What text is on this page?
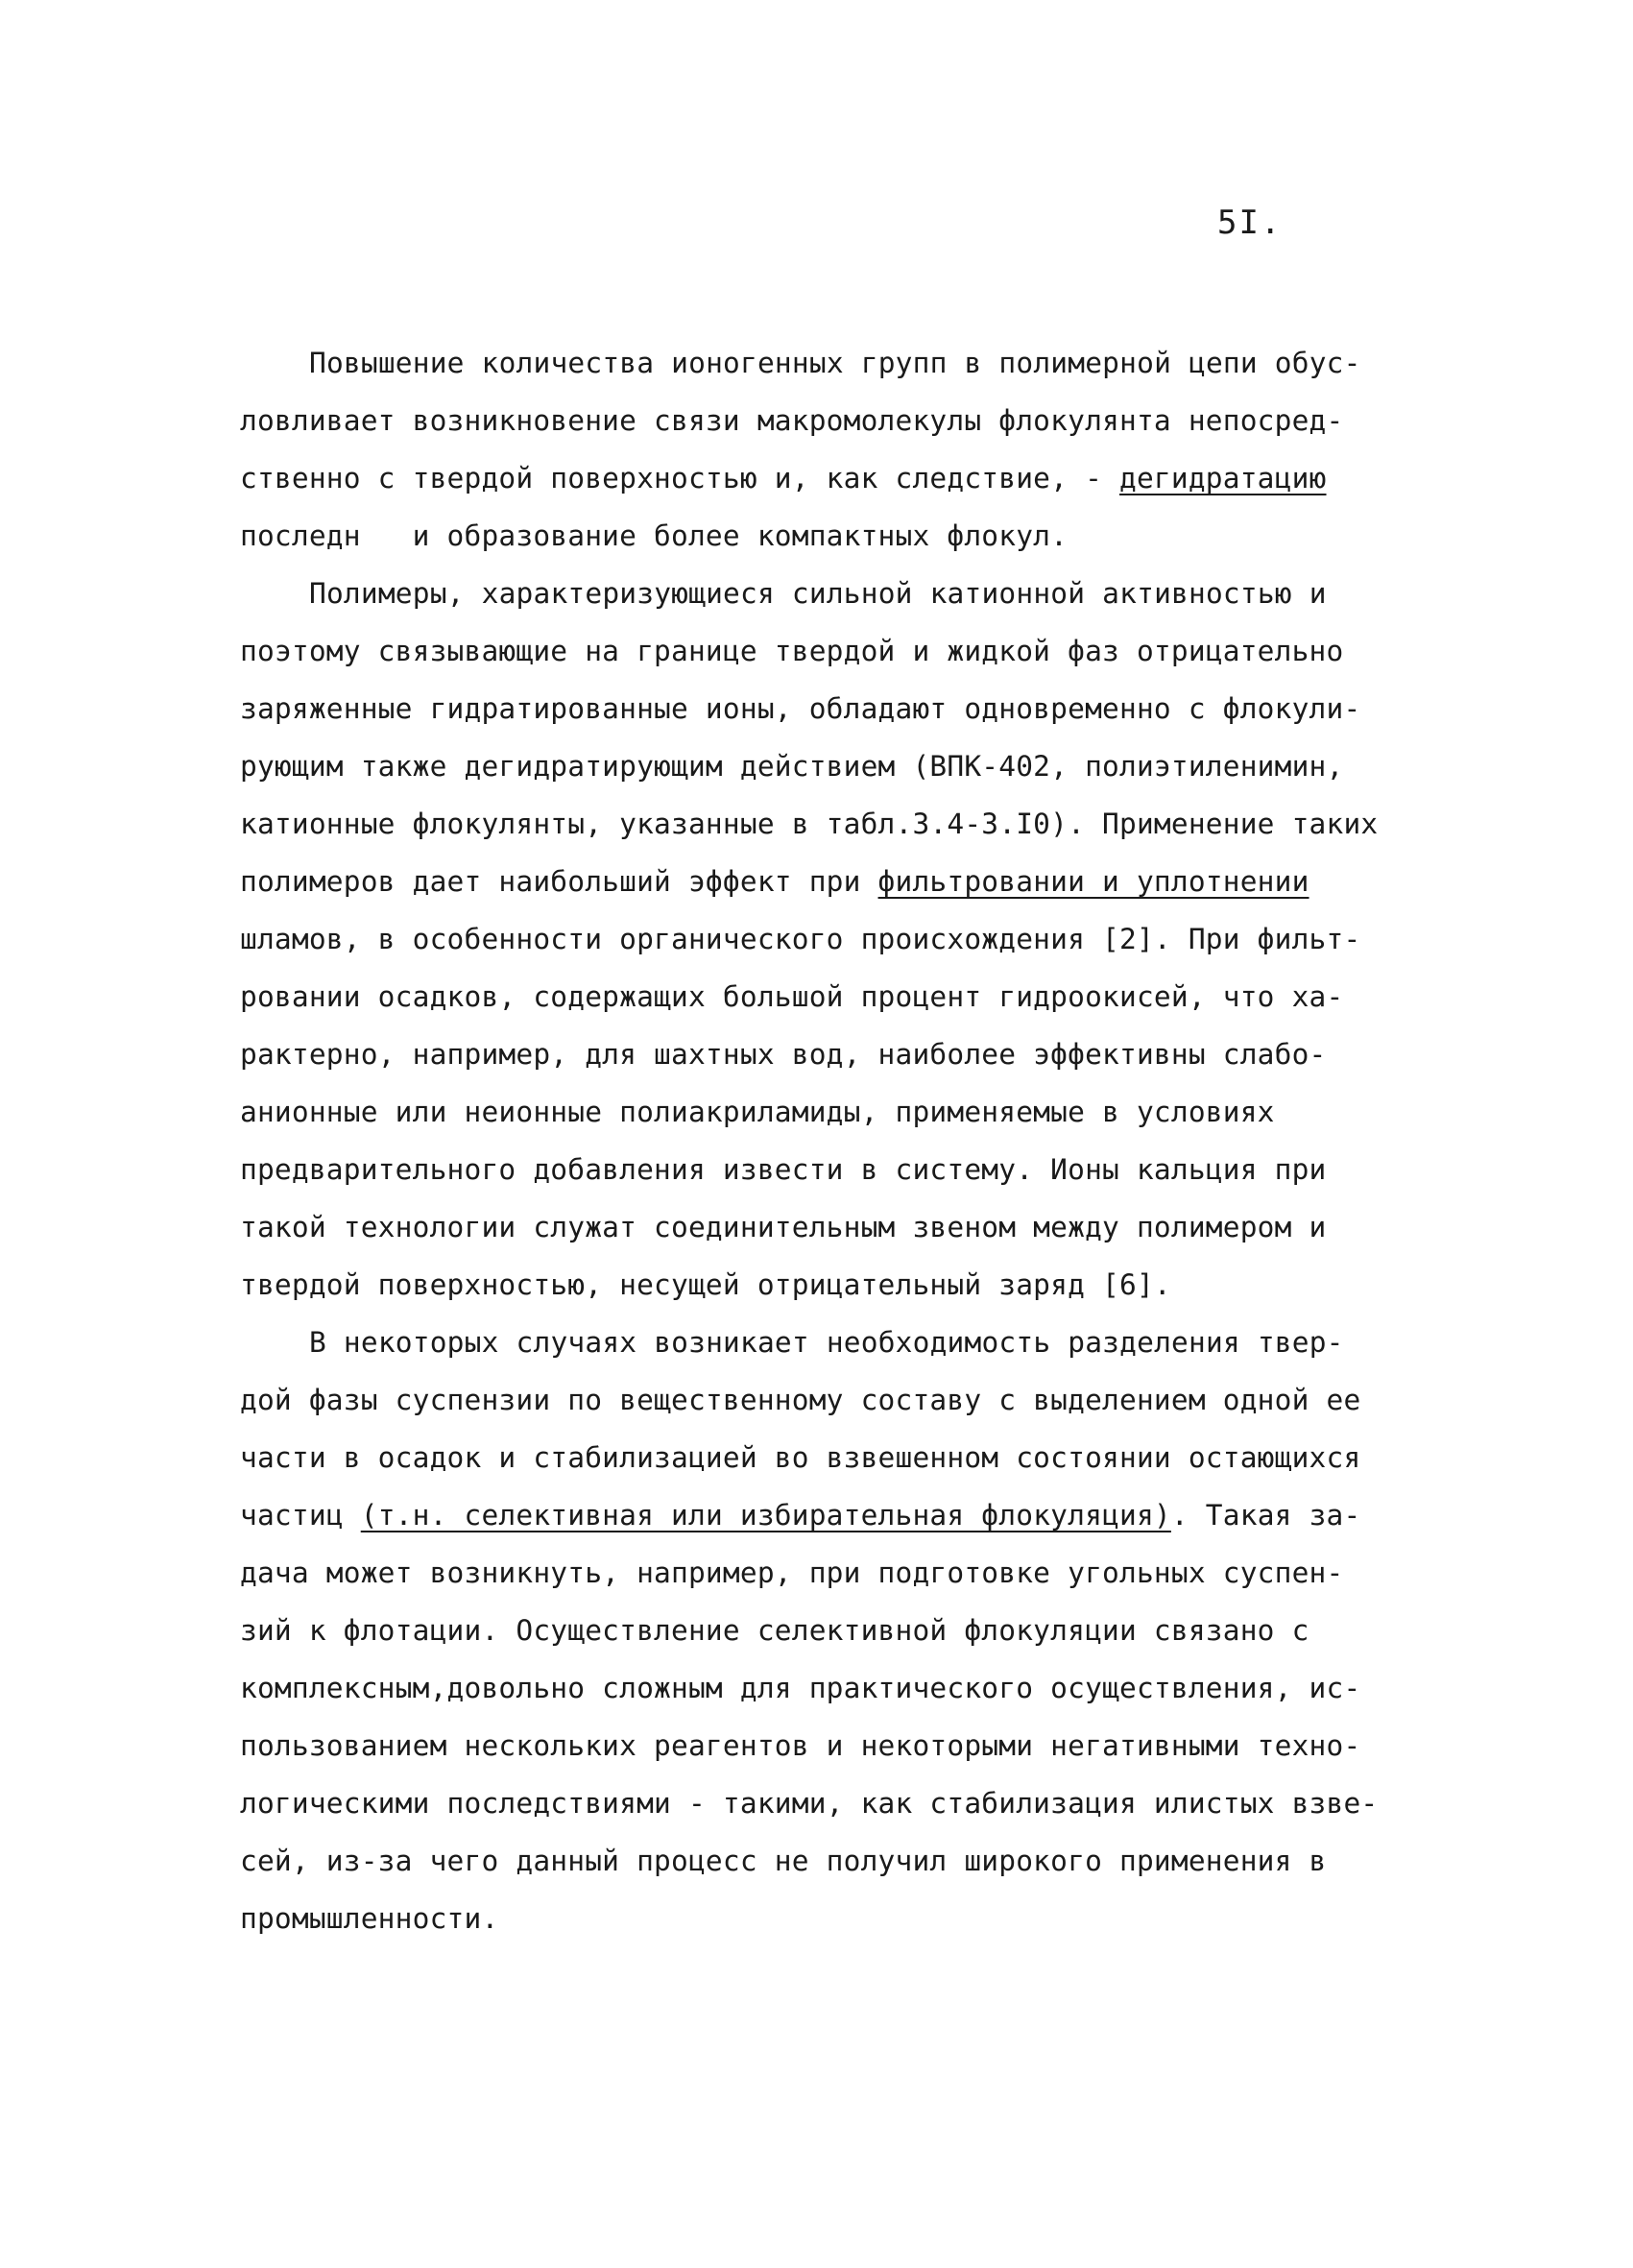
5I.
Повышение количества ионогенных групп в полимерной цепи обус-
ловливает возникновение связи макромолекулы флокулянта непосред-
ственно с твердой поверхностью и, как следствие, - дегидратацию
последн   и образование более компактных флокул.
Полимеры, характеризующиеся сильной катионной активностью и
поэтому связывающие на границе твердой и жидкой фаз отрицательно
заряженные гидратированные ионы, обладают одновременно с флокули-
рующим также дегидратирующим действием (ВПК-402, полиэтиленимин,
катионные флокулянты, указанные в табл.3.4-3.I0). Применение таких
полимеров дает наибольший эффект при фильтровании и уплотнении
шламов, в особенности органического происхождения [2]. При фильт-
ровании осадков, содержащих большой процент гидроокисей, что ха-
рактерно, например, для шахтных вод, наиболее эффективны слабо-
анионные или неионные полиакриламиды, применяемые в условиях
предварительного добавления извести в систему. Ионы кальция при
такой технологии служат соединительным звеном между полимером и
твердой поверхностью, несущей отрицательный заряд [6].
В некоторых случаях возникает необходимость разделения твер-
дой фазы суспензии по вещественному составу с выделением одной ее
части в осадок и стабилизацией во взвешенном состоянии остающихся
частиц (т.н. селективная или избирательная флокуляция). Такая за-
дача может возникнуть, например, при подготовке угольных суспен-
зий к флотации. Осуществление селективной флокуляции связано с
комплексным,довольно сложным для практического осуществления, ис-
пользованием нескольких реагентов и некоторыми негативными техно-
логическими последствиями - такими, как стабилизация илистых взве-
сей, из-за чего данный процесс не получил широкого применения в
промышленности.
